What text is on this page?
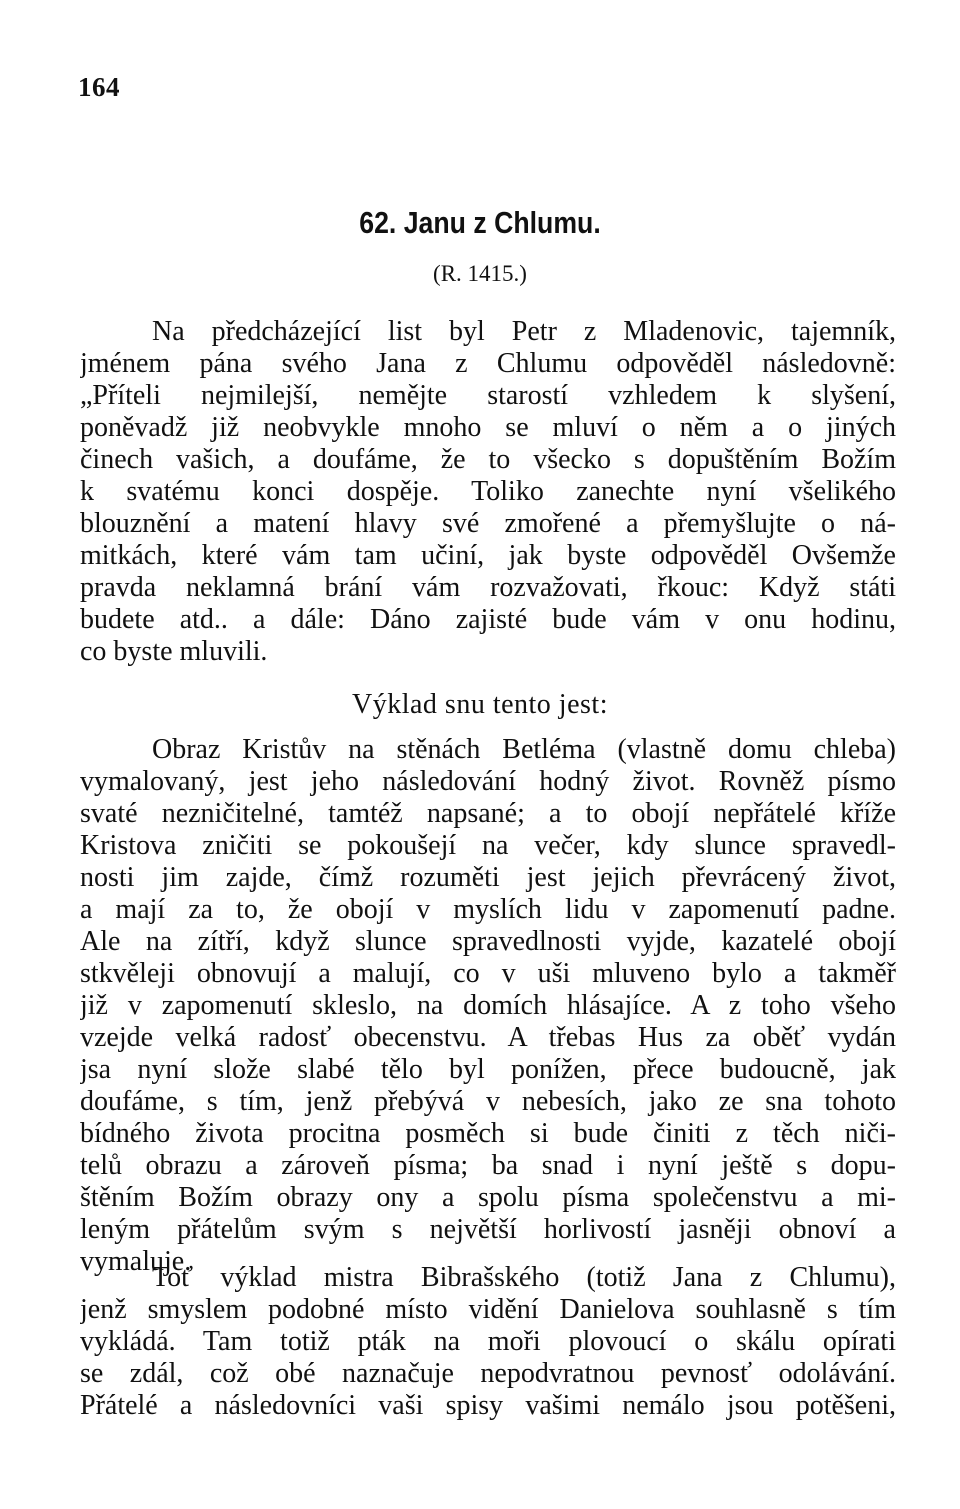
164
62. Janu z Chlumu.
(R. 1415.)
Na předcházející list byl Petr z Mladenovic, tajemník,
jménem pána svého Jana z Chlumu odpověděl následovně:
„Příteli nejmilejší, nemějte starostí vzhledem k slyšení,
poněvadž již neobvykle mnoho se mluví o něm a o jiných
činech vašich, a doufáme, že to všecko s dopuštěním Božím
k svatému konci dospěje. Toliko zanechte nyní všelikého
blouznění a matení hlavy své zmořené a přemyšlujte o ná-
mitkách, které vám tam učiní, jak byste odpověděl Ovšemže
pravda neklamná brání vám rozvažovati, řkouc: Když státi
budete atd.. a dále: Dáno zajisté bude vám v onu hodinu,
co byste mluvili.
Výklad snu tento jest:
Obraz Kristův na stěnách Betléma (vlastně domu chleba)
vymalovaný, jest jeho následování hodný život. Rovněž písmo
svaté nezničitelné, tamtéž napsané; a to obojí nepřátelé kříže
Kristova zničiti se pokoušejí na večer, kdy slunce spravedl-
nosti jim zajde, čímž rozuměti jest jejich převrácený život,
a mají za to, že obojí v myslích lidu v zapomenutí padne.
Ale na zítří, když slunce spravedlnosti vyjde, kazatelé obojí
stkvěleji obnovují a malují, co v uši mluveno bylo a takměř
již v zapomenutí skleslo, na domích hlásajíce. A z toho všeho
vzejde velká radosť obecenstvu. A třebas Hus za oběť vydán
jsa nyní slože slabé tělo byl ponížen, přece budoucně, jak
doufáme, s tím, jenž přebývá v nebesích, jako ze sna tohoto
bídného života procitna posměch si bude činiti z těch niči-
telů obrazu a zároveň písma; ba snad i nyní ještě s dopu-
štěním Božím obrazy ony a spolu písma společenstvu a mi-
leným přátelům svým s největší horlivostí jasněji obnoví a
vymaluje.
Toť výklad mistra Bibrašského (totiž Jana z Chlumu),
jenž smyslem podobné místo vidění Danielova souhlasně s tím
vykládá. Tam totiž pták na moři plovoucí o skálu opírati
se zdál, což obé naznačuje nepodvratnou pevnosť odolávání.
Přátelé a následovníci vaši spisy vašimi nemálo jsou potěšeni,
